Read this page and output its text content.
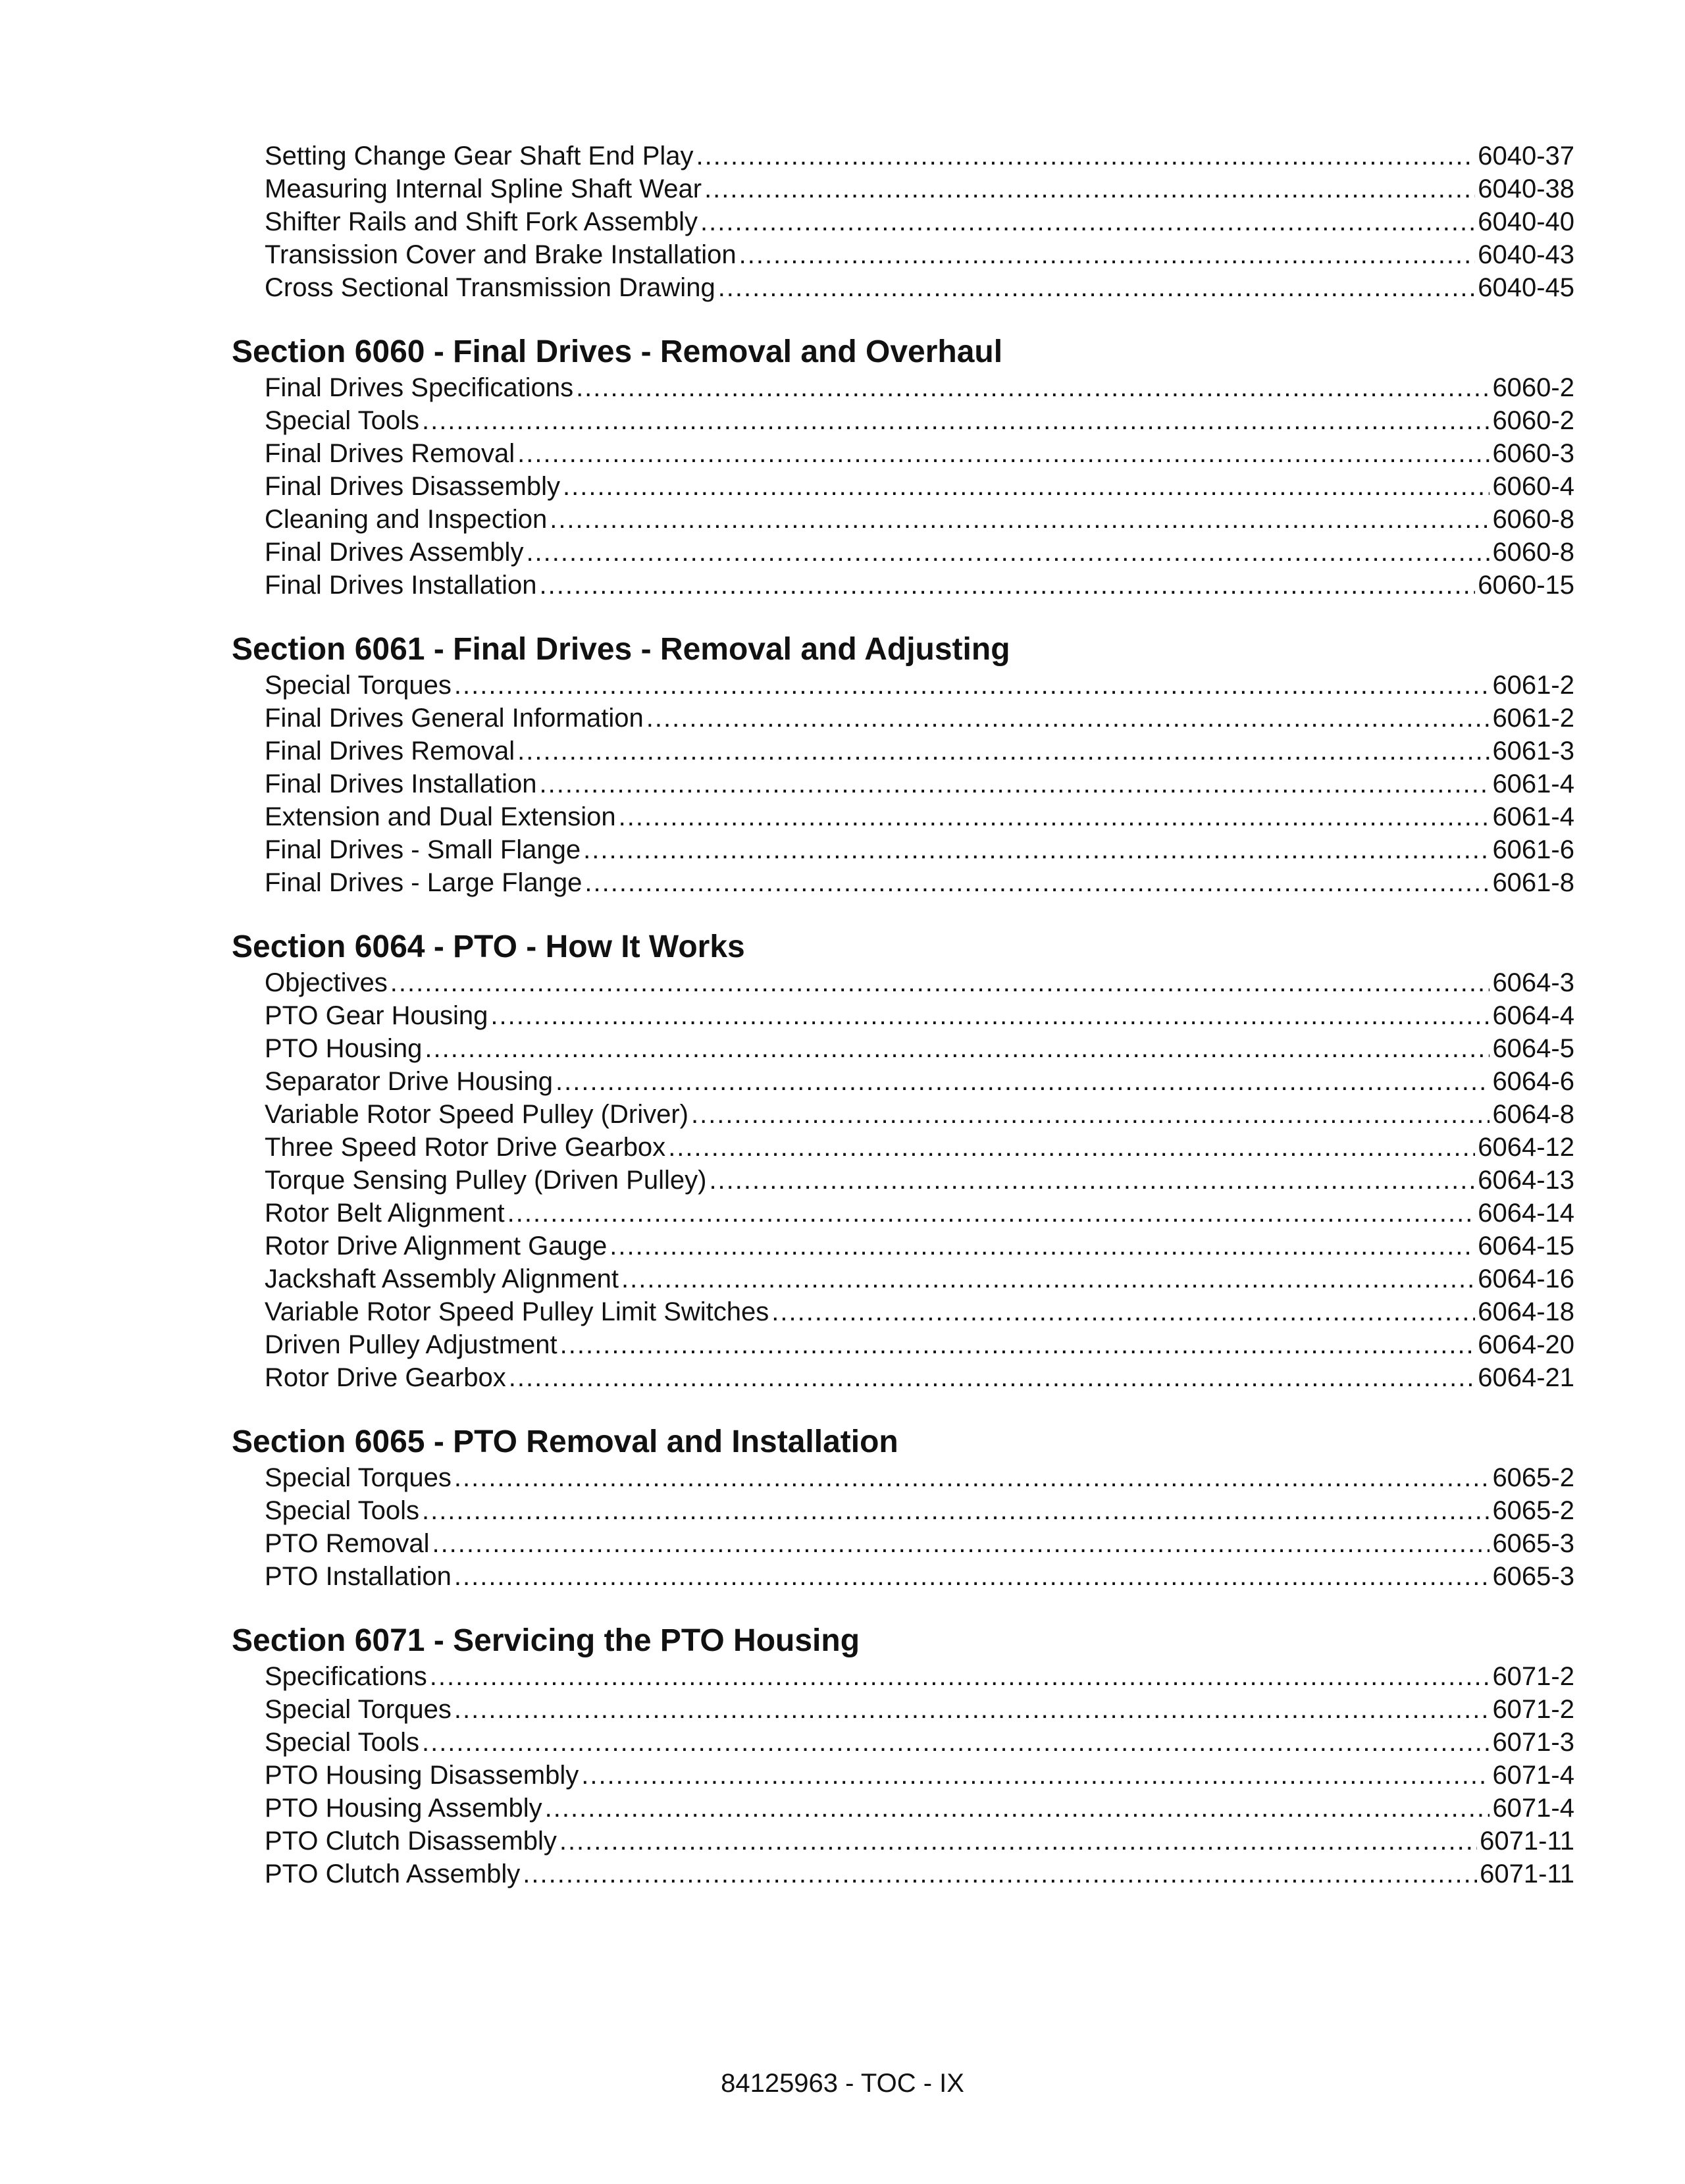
Setting Change Gear Shaft End Play .....	6040-37
Measuring Internal Spline Shaft Wear .....	6040-38
Shifter Rails and Shift Fork Assembly .....	6040-40
Transission Cover and Brake Installation .....	6040-43
Cross Sectional Transmission Drawing .....	6040-45
Section 6060 - Final Drives - Removal and Overhaul
Final Drives Specifications .....	6060-2
Special Tools .....	6060-2
Final Drives Removal .....	6060-3
Final Drives Disassembly .....	6060-4
Cleaning and Inspection .....	6060-8
Final Drives Assembly .....	6060-8
Final Drives Installation .....	6060-15
Section 6061 - Final Drives - Removal and Adjusting
Special Torques .....	6061-2
Final Drives General Information .....	6061-2
Final Drives Removal .....	6061-3
Final Drives Installation .....	6061-4
Extension and Dual Extension .....	6061-4
Final Drives - Small Flange .....	6061-6
Final Drives - Large Flange .....	6061-8
Section 6064 - PTO - How It Works
Objectives .....	6064-3
PTO Gear Housing .....	6064-4
PTO Housing .....	6064-5
Separator Drive Housing .....	6064-6
Variable Rotor Speed Pulley (Driver) .....	6064-8
Three Speed Rotor Drive Gearbox .....	6064-12
Torque Sensing Pulley (Driven Pulley) .....	6064-13
Rotor Belt Alignment .....	6064-14
Rotor Drive Alignment Gauge .....	6064-15
Jackshaft Assembly Alignment .....	6064-16
Variable Rotor Speed Pulley Limit Switches .....	6064-18
Driven Pulley Adjustment .....	6064-20
Rotor Drive Gearbox .....	6064-21
Section 6065 - PTO Removal and Installation
Special Torques .....	6065-2
Special Tools .....	6065-2
PTO Removal .....	6065-3
PTO Installation .....	6065-3
Section 6071 - Servicing the PTO Housing
Specifications .....	6071-2
Special Torques .....	6071-2
Special Tools .....	6071-3
PTO Housing Disassembly .....	6071-4
PTO Housing Assembly .....	6071-4
PTO Clutch Disassembly .....	6071-11
PTO Clutch Assembly .....	6071-11
84125963 - TOC - IX
